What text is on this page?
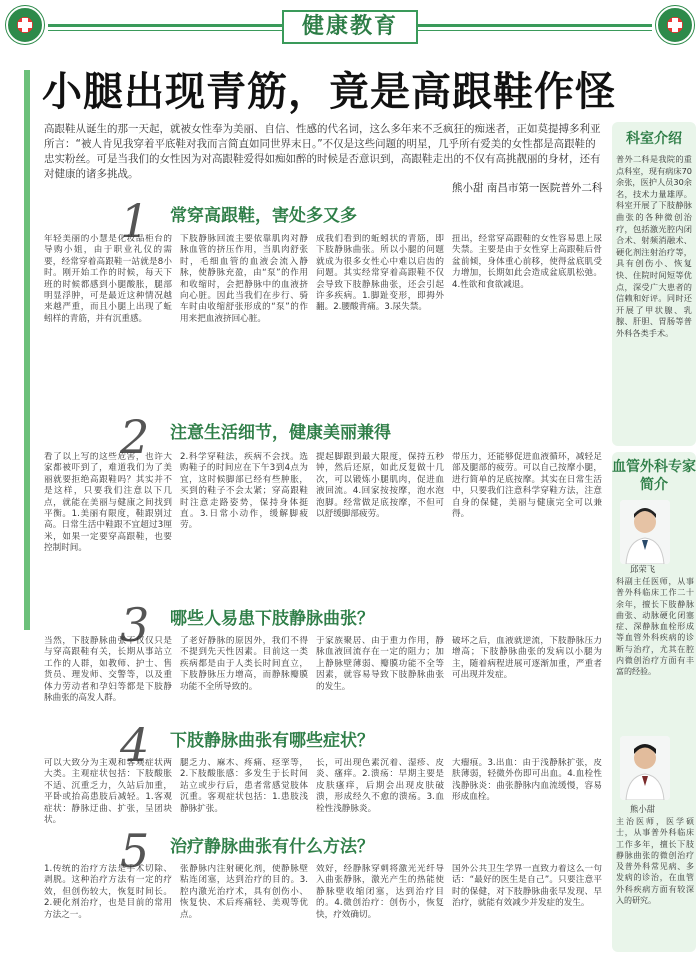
健康教育
小腿出现青筋，竟是高跟鞋作怪
高跟鞋从诞生的那一天起，就被女性奉为美丽、自信、性感的代名词，这么多年来不乏疯狂的痴迷者，正如莫提搏多利亚所言：“被人肯见我穿着平底鞋对我而言简直如同世界末日。”不仅是这些问题的明星，几乎所有爱美的女性都是高跟鞋的忠实粉丝。可是当我们的女性因为对高跟鞋爱得如痴如醉的时候是否意识到，高跟鞋走出的不仅有高挑靓丽的身材，还有对健康的诸多挑战。
熊小甜 南昌市第一医院普外二科
1 常穿高跟鞋，害处多又多
年轻美丽的小慧是化妆品柜台的导购小姐，由于职业礼仪的需要，经常穿着高跟鞋一站就是8小时。刚开始工作的时候，每天下班的时候都感到小腿酸胀，腿部明显浮肿，可是最近这种情况越来越严重，而且小腿上出现了蚯蚓样的青筋，并有沉重感。
下肢静脉回流主要依靠肌肉对静脉血管的挤压作用，当肌肉舒张时，毛细血管的血液会流入静脉，使静脉充盈，由“泵”的作用和收缩时，会把静脉中的血液挤向心脏。因此当我们在步行、骑车时由收缩舒张形成的“泵”的作用来把血液挤回心脏。
成我们看到的蚯蚓状的青筋，即下肢静脉曲张。所以小腿的问题就成为很多女性心中难以启齿的问题。其实经常穿着高跟鞋不仅会导致下肢静脉曲张，还会引起许多疾病。1.脚趾变形，即拇外翻。2.腰酸背痛。3.尿失禁。
扭出，经常穿高跟鞋的女性容易患上尿失禁。主要是由于女性穿上高跟鞋后骨盆前倾，身体重心前移，使得盆底肌受力增加，长期如此会造成盆底肌松弛。4.性欲和食欲减退。
2 注意生活细节，健康美丽兼得
看了以上写的这些危害，也许大家都被吓到了，难道我们为了美丽就要拒绝高跟鞋吗？其实并不是这样，只要我们注意以下几点，就能在美丽与健康之间找到平衡。1.美丽有限度，鞋跟别过高。日常生活中鞋跟不宜超过3厘米，如果一定要穿高跟鞋，也要控制时间。
2.科学穿鞋法，疾病不会找。选购鞋子的时间应在下午3到4点为宜，这时候脚部已经有些肿胀，买到的鞋子不会太紧；穿高跟鞋时注意走路姿势，保持身体挺直。3.日常小动作，缓解脚疲劳。
提起脚跟到最大限度，保持五秒钟，然后还原，如此反复做十几次，可以锻炼小腿肌肉，促进血液回流。4.回家按按摩，泡水泡泡脚。经常做足底按摩，不但可以舒缓脚部疲劳。
带压力，还能够促进血液循环，减轻足部及腿部的疲劳。可以自己按摩小腿，进行简单的足底按摩。其实在日常生活中，只要我们注意科学穿鞋方法，注意自身的保健，美丽与健康完全可以兼得。
3 哪些人易患下肢静脉曲张？
当然，下肢静脉曲张不仅仅只是与穿高跟鞋有关，长期从事站立工作的人群，如教师、护士、售货员、理发师、交警等，以及重体力劳动者和孕妇等都是下肢静脉曲张的高发人群。
了老好静脉的原因外，我们不得不提到先天性因素。目前这一类疾病都是由于人类长时间直立，下肢静脉压力增高，而静脉瓣膜功能不全所导致的。
于家族聚居、由于重力作用，静脉血液回流存在一定的阻力；加上静脉壁薄弱、瓣膜功能不全等因素，就容易导致下肢静脉曲张的发生。
破坏之后，血液就逆流，下肢静脉压力增高；下肢静脉曲张的发病以小腿为主，随着病程进展可逐渐加重，严重者可出现并发症。
4 下肢静脉曲张有哪些症状？
可以大致分为主观和客观症状两大类。主观症状包括：下肢酸胀不适、沉重乏力，久站后加重，平卧或抬高患肢后减轻。1.客观症状：静脉迂曲、扩张，呈团块状。
腿乏力、麻木、疼痛、痉挛等，2.下肢酸胀感：多发生于长时间站立或步行后，患者常感觉肢体沉重。客观症状包括：1.患肢浅静脉扩张。
长，可出现色素沉着、湿疹、皮炎、瘙痒。2.溃疡：早期主要是皮肤瘙痒，后期会出现皮肤破溃，形成经久不愈的溃疡。3.血栓性浅静脉炎。
大瘤痕。3.出血：由于浅静脉扩张，皮肤薄弱，轻微外伤即可出血。4.血栓性浅静脉炎：曲张静脉内血流缓慢，容易形成血栓。
5 治疗静脉曲张有什么方法？
1.传统的治疗方法是手术切除、剥脱。这种治疗方法有一定的疗效，但创伤较大，恢复时间长。2.硬化剂治疗，也是目前的常用方法之一。
张静脉内注射硬化剂，使静脉壁粘连闭塞，达到治疗的目的。3.腔内激光治疗术，具有创伤小、恢复快、术后疼痛轻、美观等优点。
效好，经静脉穿刺将激光光纤导入曲张静脉，激光产生的热能使静脉壁收缩闭塞，达到治疗目的。4.微创治疗：创伤小，恢复快，疗效确切。
国外公共卫生学界一直致力着这么一句话：“最好的医生是自己”。只要注意平时的保健，对下肢静脉曲张早发现、早治疗，就能有效减少并发症的发生。
科室介绍
普外二科是我院的重点科室，现有病床70余张，医护人员30余名，技术力量雄厚。科室开展了下肢静脉曲张的各种微创治疗，包括激光腔内闭合术、射频消融术、硬化剂注射治疗等，具有创伤小、恢复快、住院时间短等优点，深受广大患者的信赖和好评。同时还开展了甲状腺、乳腺、肝胆、胃肠等普外科各类手术。
血管外科专家简介
邱荣飞
科副主任医师，从事普外科临床工作二十余年，擅长下肢静脉曲张、动脉硬化闭塞症、深静脉血栓形成等血管外科疾病的诊断与治疗，尤其在腔内微创治疗方面有丰富的经验。
熊小甜
主治医师，医学硕士，从事普外科临床工作多年，擅长下肢静脉曲张的微创治疗及普外科常见病、多发病的诊治，在血管外科疾病方面有较深入的研究。
